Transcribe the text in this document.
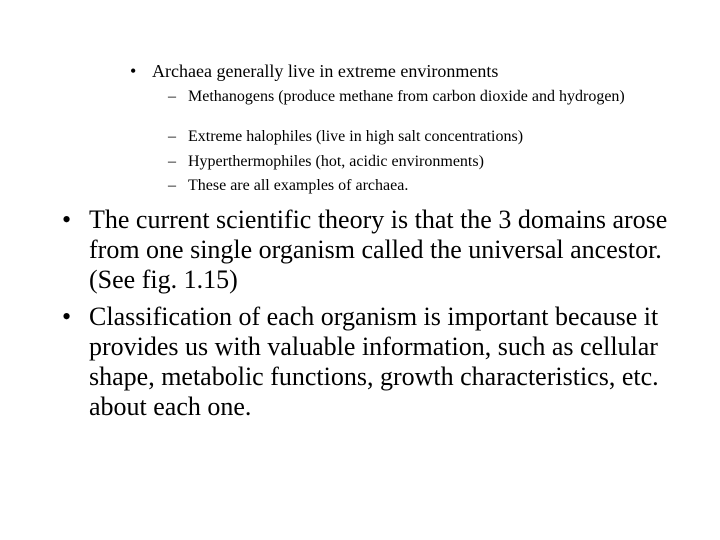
• Archaea generally live in extreme environments
– Methanogens (produce methane from carbon dioxide and hydrogen)
– Extreme halophiles (live in high salt concentrations)
– Hyperthermophiles (hot, acidic environments)
– These are all examples of archaea.
• The current scientific theory is that the 3 domains arose from one single organism called the universal ancestor. (See fig. 1.15)
• Classification of each organism is important because it provides us with valuable information, such as cellular shape, metabolic functions, growth characteristics, etc. about each one.
